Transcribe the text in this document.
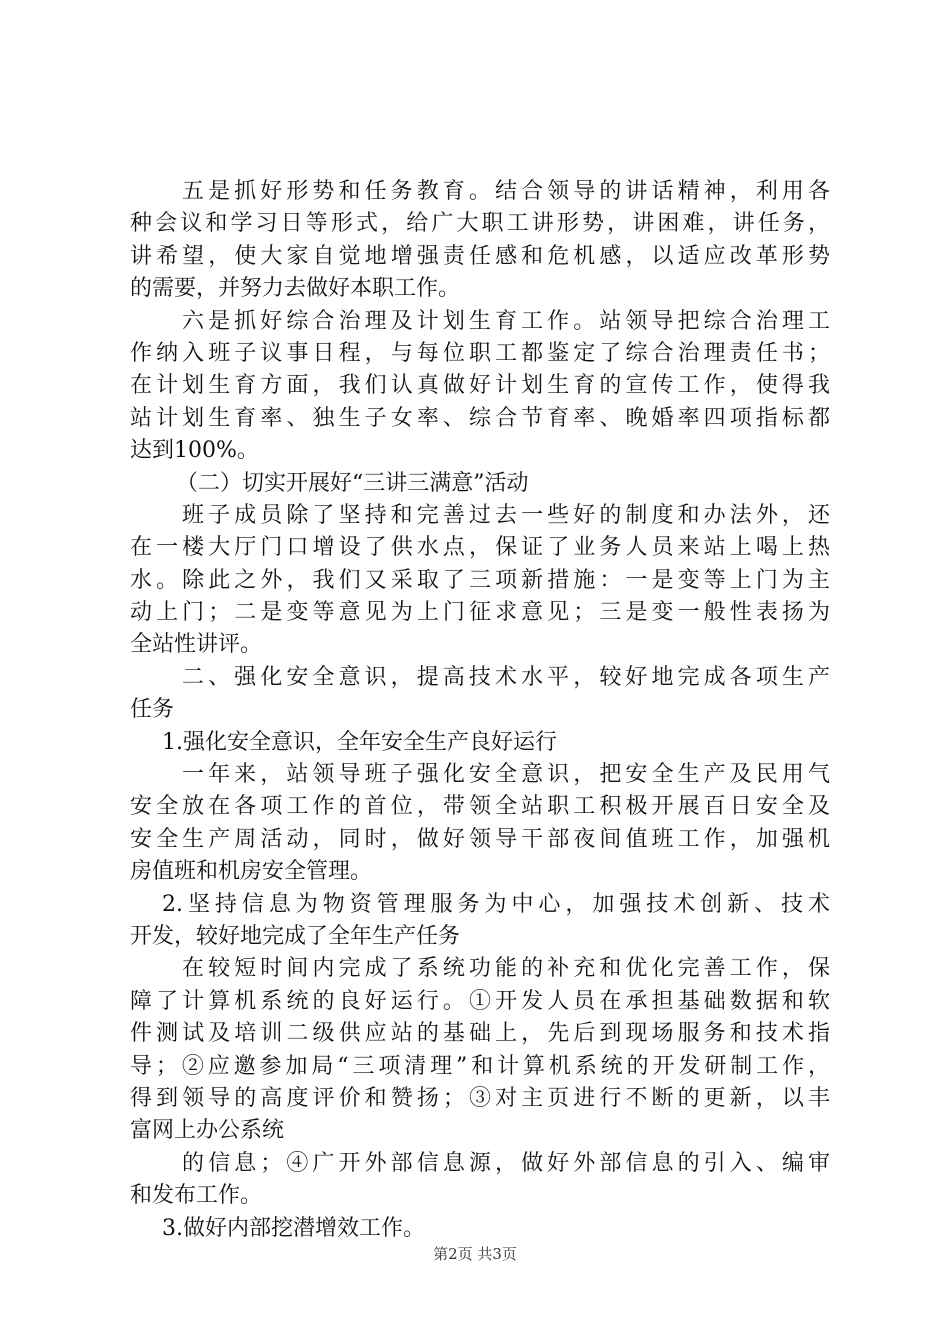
五是抓好形势和任务教育。结合领导的讲话精神，利用各
种会议和学习日等形式，给广大职工讲形势，讲困难，讲任务，
讲希望，使大家自觉地增强责任感和危机感，以适应改革形势
的需要，并努力去做好本职工作。
六是抓好综合治理及计划生育工作。站领导把综合治理工
作纳入班子议事日程，与每位职工都鉴定了综合治理责任书；
在计划生育方面，我们认真做好计划生育的宣传工作，使得我
站计划生育率、独生子女率、综合节育率、晚婚率四项指标都
达到100%。
（二）切实开展好“三讲三满意”活动
班子成员除了坚持和完善过去一些好的制度和办法外，还
在一楼大厅门口增设了供水点，保证了业务人员来站上喝上热
水。除此之外，我们又采取了三项新措施：一是变等上门为主
动上门；二是变等意见为上门征求意见；三是变一般性表扬为
全站性讲评。
二、强化安全意识，提高技术水平，较好地完成各项生产
任务
1.强化安全意识，全年安全生产良好运行
一年来，站领导班子强化安全意识，把安全生产及民用气
安全放在各项工作的首位，带领全站职工积极开展百日安全及
安全生产周活动，同时，做好领导干部夜间值班工作，加强机
房值班和机房安全管理。
2.坚持信息为物资管理服务为中心，加强技术创新、技术
开发，较好地完成了全年生产任务
在较短时间内完成了系统功能的补充和优化完善工作，保
障了计算机系统的良好运行。①开发人员在承担基础数据和软
件测试及培训二级供应站的基础上，先后到现场服务和技术指
导；②应邀参加局“三项清理”和计算机系统的开发研制工作，
得到领导的高度评价和赞扬；③对主页进行不断的更新，以丰
富网上办公系统
的信息；④广开外部信息源，做好外部信息的引入、编审
和发布工作。
3.做好内部挖潜增效工作。
第2页 共3页
